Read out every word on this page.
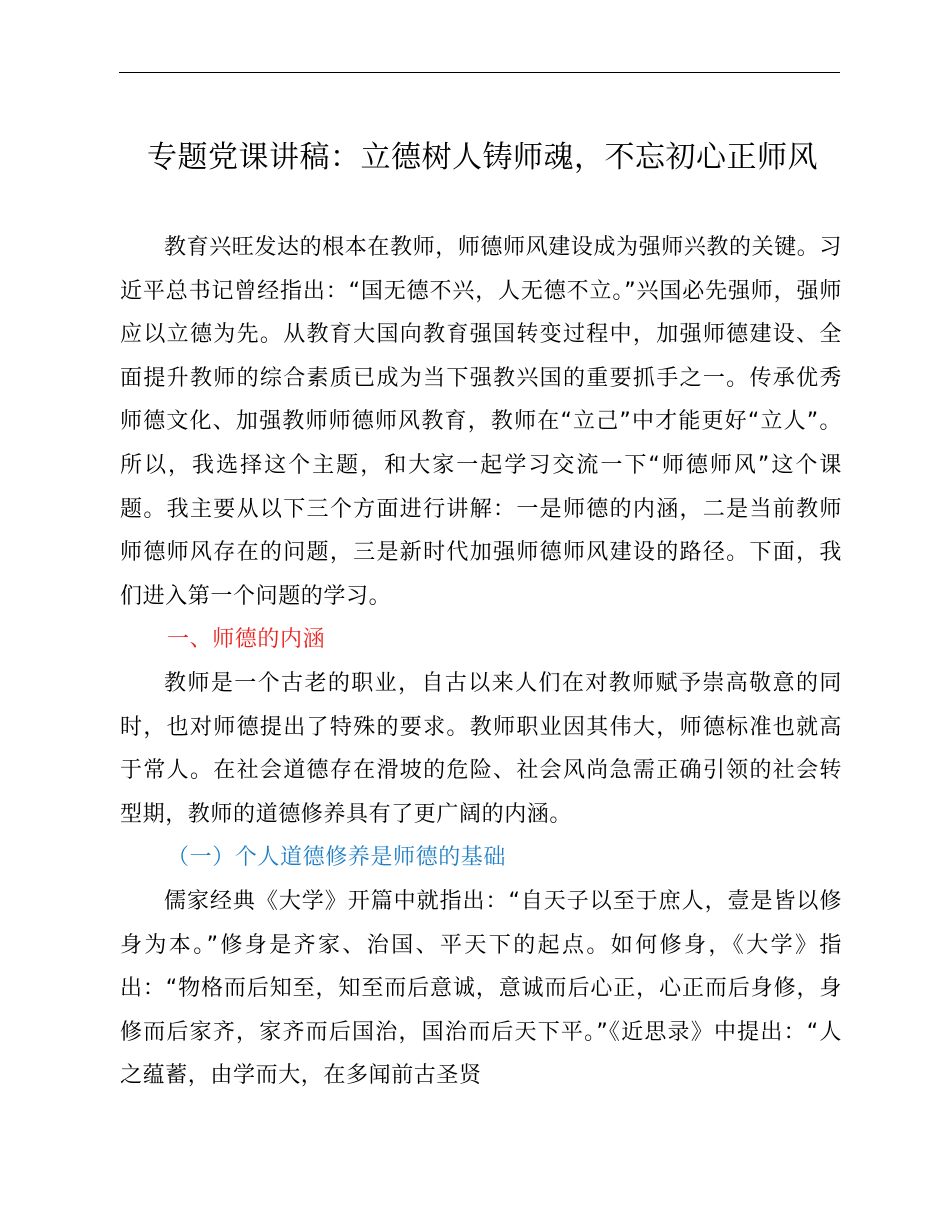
专题党课讲稿：立德树人铸师魂，不忘初心正师风

教育兴旺发达的根本在教师，师德师风建设成为强师兴教的关键。习近平总书记曾经指出：“国无德不兴，人无德不立。”兴国必先强师，强师应以立德为先。从教育大国向教育强国转变过程中，加强师德建设、全面提升教师的综合素质已成为当下强教兴国的重要抓手之一。传承优秀师德文化、加强教师师德师风教育，教师在“立己”中才能更好“立人”。所以，我选择这个主题，和大家一起学习交流一下“师德师风”这个课题。我主要从以下三个方面进行讲解：一是师德的内涵，二是当前教师师德师风存在的问题，三是新时代加强师德师风建设的路径。下面，我们进入第一个问题的学习。

一、师德的内涵

教师是一个古老的职业，自古以来人们在对教师赋予崇高敬意的同时，也对师德提出了特殊的要求。教师职业因其伟大，师德标准也就高于常人。在社会道德存在滑坡的危险、社会风尚急需正确引领的社会转型期，教师的道德修养具有了更广阔的内涵。

（一）个人道德修养是师德的基础

儒家经典《大学》开篇中就指出：“自天子以至于庶人，壹是皆以修身为本。”修身是齐家、治国、平天下的起点。如何修身，《大学》指出：“物格而后知至，知至而后意诚，意诚而后心正，心正而后身修，身修而后家齐，家齐而后国治，国治而后天下平。”《近思录》中提出：“人之蕴蓄，由学而大，在多闻前古圣贤
